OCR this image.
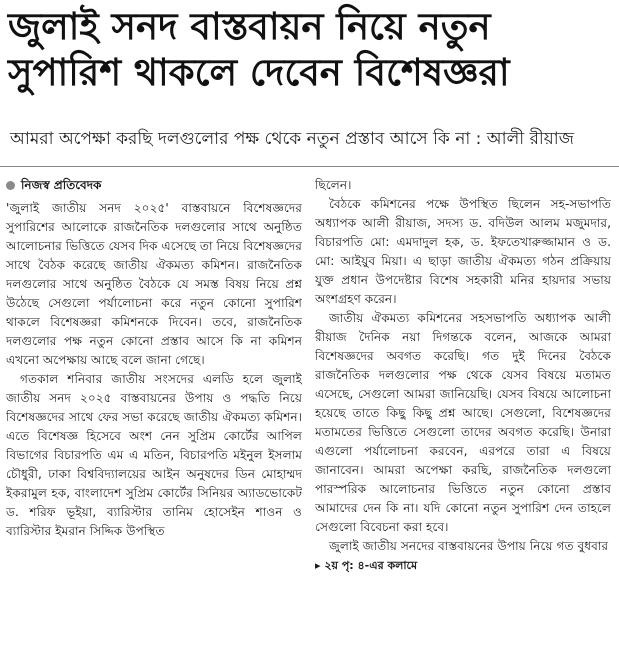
জুলাই সনদ বাস্তবায়ন নিয়ে নতুন
সুপারিশ থাকলে দেবেন বিশেষজ্ঞরা
আমরা অপেক্ষা করছি দলগুলোর পক্ষ থেকে নতুন প্রস্তাব আসে কি না : আলী রীয়াজ
নিজস্ব প্রতিবেদক

'জুলাই জাতীয় সনদ ২০২৫' বাস্তবায়নে বিশেষজ্ঞদের সুপারিশের আলোকে রাজনৈতিক দলগুলোর সাথে অনুষ্ঠিত আলোচনার ভিত্তিতে যেসব দিক এসেছে তা নিয়ে বিশেষজ্ঞদের সাথে বৈঠক করেছে জাতীয় ঐকমত্য কমিশন। রাজনৈতিক দলগুলোর সাথে অনুষ্ঠিত বৈঠকে যে সমস্ত বিষয় নিয়ে প্রশ্ন উঠেছে সেগুলো পর্যালোচনা করে নতুন কোনো সুপারিশ থাকলে বিশেষজ্ঞরা কমিশনকে দিবেন। তবে, রাজনৈতিক দলগুলোর পক্ষ নতুন কোনো প্রস্তাব আসে কি না কমিশন এখনো অপেক্ষায় আছে বলে জানা গেছে।

গতকাল শনিবার জাতীয় সংসদের এলডি হলে জুলাই জাতীয় সনদ ২০২৫ বাস্তবায়নের উপায় ও পদ্ধতি নিয়ে বিশেষজ্ঞদের সাথে ফের সভা করেছে জাতীয় ঐকমত্য কমিশন। এতে বিশেষজ্ঞ হিসেবে অংশ নেন সুপ্রিম কোর্টের আপিল বিভাগের বিচারপতি এম এ মতিন, বিচারপতি মইনুল ইসলাম চৌধুরী, ঢাকা বিশ্ববিদ্যালয়ের আইন অনুষদের ডিন মোহাম্মদ ইকরামুল হক, বাংলাদেশ সুপ্রিম কোর্টের সিনিয়র অ্যাডভোকেট ড. শরিফ ভূইয়া, ব্যারিস্টার তানিম হোসেইন শাওন ও ব্যারিস্টার ইমরান সিদ্দিক উপস্থিত

ছিলেন।

বৈঠকে কমিশনের পক্ষে উপস্থিত ছিলেন সহ-সভাপতি অধ্যাপক আলী রীয়াজ, সদস্য ড. বদিউল আলম মজুমদার, বিচারপতি মো: এমদাদুল হক, ড. ইফতেখারুজ্জামান ও ড. মো: আইয়ুব মিয়া। এ ছাড়া জাতীয় ঐকমত্য গঠন প্রক্রিয়ায় যুক্ত প্রধান উপদেষ্টার বিশেষ সহকারী মনির হায়দার সভায় অংশগ্রহণ করেন।

জাতীয় ঐকমত্য কমিশনের সহসভাপতি অধ্যাপক আলী রীয়াজ দৈনিক নয়া দিগন্তকে বলেন, আজকে আমরা বিশেষজ্ঞদের অবগত করেছি। গত দুই দিনের বৈঠকে রাজনৈতিক দলগুলোর পক্ষ থেকে যেসব বিষয়ে মতামত এসেছে, সেগুলো আমরা জানিয়েছি। যেসব বিষয়ে আলোচনা হয়েছে তাতে কিছু কিছু প্রশ্ন আছে। সেগুলো, বিশেষজ্ঞদের মতামতের ভিত্তিতে সেগুলো তাদের অবগত করেছি। উনারা এগুলো পর্যালোচনা করবেন, এরপরে তারা এ বিষয়ে জানাবেন। আমরা অপেক্ষা করছি, রাজনৈতিক দলগুলো পারস্পরিক আলোচনার ভিত্তিতে নতুন কোনো প্রস্তাব আমাদের দেন কি না। যদি কোনো নতুন সুপারিশ দেন তাহলে সেগুলো বিবেচনা করা হবে।

জুলাই জাতীয় সনদের বাস্তবায়নের উপায় নিয়ে গত বুধবার
▸ ২য় পৃ: ৪-এর কলামে
